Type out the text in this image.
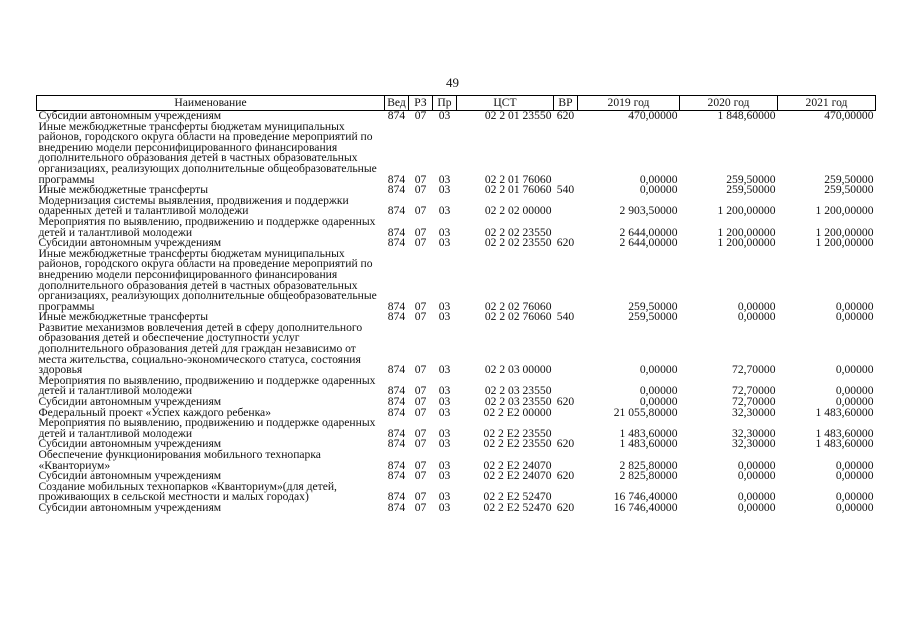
49
Наименование	Вед	РЗ	Пр	ЦСТ	ВР	2019 год	2020 год	2021 год
Субсидии автономным учреждениям	874	07	03	02 2 01 23550	620	470,00000	1 848,60000	470,00000
Иные межбюджетные трансферты бюджетам муниципальных районов, городского округа области на проведение мероприятий по внедрению модели персонифицированного финансирования дополнительного образования детей в частных образовательных организациях, реализующих дополнительные общеобразовательные программы	874	07	03	02 2 01 76060		0,00000	259,50000	259,50000
Иные межбюджетные трансферты	874	07	03	02 2 01 76060	540	0,00000	259,50000	259,50000
Модернизация системы выявления, продвижения и поддержки одаренных детей и талантливой молодежи	874	07	03	02 2 02 00000		2 903,50000	1 200,00000	1 200,00000
Мероприятия по выявлению, продвижению и поддержке одаренных детей и талантливой молодежи	874	07	03	02 2 02 23550		2 644,00000	1 200,00000	1 200,00000
Субсидии автономным учреждениям	874	07	03	02 2 02 23550	620	2 644,00000	1 200,00000	1 200,00000
Иные межбюджетные трансферты бюджетам муниципальных районов, городского округа области на проведение мероприятий по внедрению модели персонифицированного финансирования дополнительного образования детей в частных образовательных организациях, реализующих дополнительные общеобразовательные программы	874	07	03	02 2 02 76060		259,50000	0,00000	0,00000
Иные межбюджетные трансферты	874	07	03	02 2 02 76060	540	259,50000	0,00000	0,00000
Развитие механизмов вовлечения детей в сферу дополнительного образования детей и обеспечение доступности услуг дополнительного образования детей для граждан независимо от места жительства, социально-экономического статуса, состояния здоровья	874	07	03	02 2 03 00000		0,00000	72,70000	0,00000
Мероприятия по выявлению, продвижению и поддержке одаренных детей и талантливой молодежи	874	07	03	02 2 03 23550		0,00000	72,70000	0,00000
Субсидии автономным учреждениям	874	07	03	02 2 03 23550	620	0,00000	72,70000	0,00000
Федеральный проект «Успех каждого ребенка»	874	07	03	02 2 Е2 00000		21 055,80000	32,30000	1 483,60000
Мероприятия по выявлению, продвижению и поддержке одаренных детей и талантливой молодежи	874	07	03	02 2 Е2 23550		1 483,60000	32,30000	1 483,60000
Субсидии автономным учреждениям	874	07	03	02 2 Е2 23550	620	1 483,60000	32,30000	1 483,60000
Обеспечение функционирования мобильного технопарка «Кванториум»	874	07	03	02 2 Е2 24070		2 825,80000	0,00000	0,00000
Субсидии автономным учреждениям	874	07	03	02 2 Е2 24070	620	2 825,80000	0,00000	0,00000
Создание мобильных технопарков «Кванториум»(для детей, проживающих в сельской местности и малых городах)	874	07	03	02 2 Е2 52470		16 746,40000	0,00000	0,00000
Субсидии автономным учреждениям	874	07	03	02 2 Е2 52470	620	16 746,40000	0,00000	0,00000
